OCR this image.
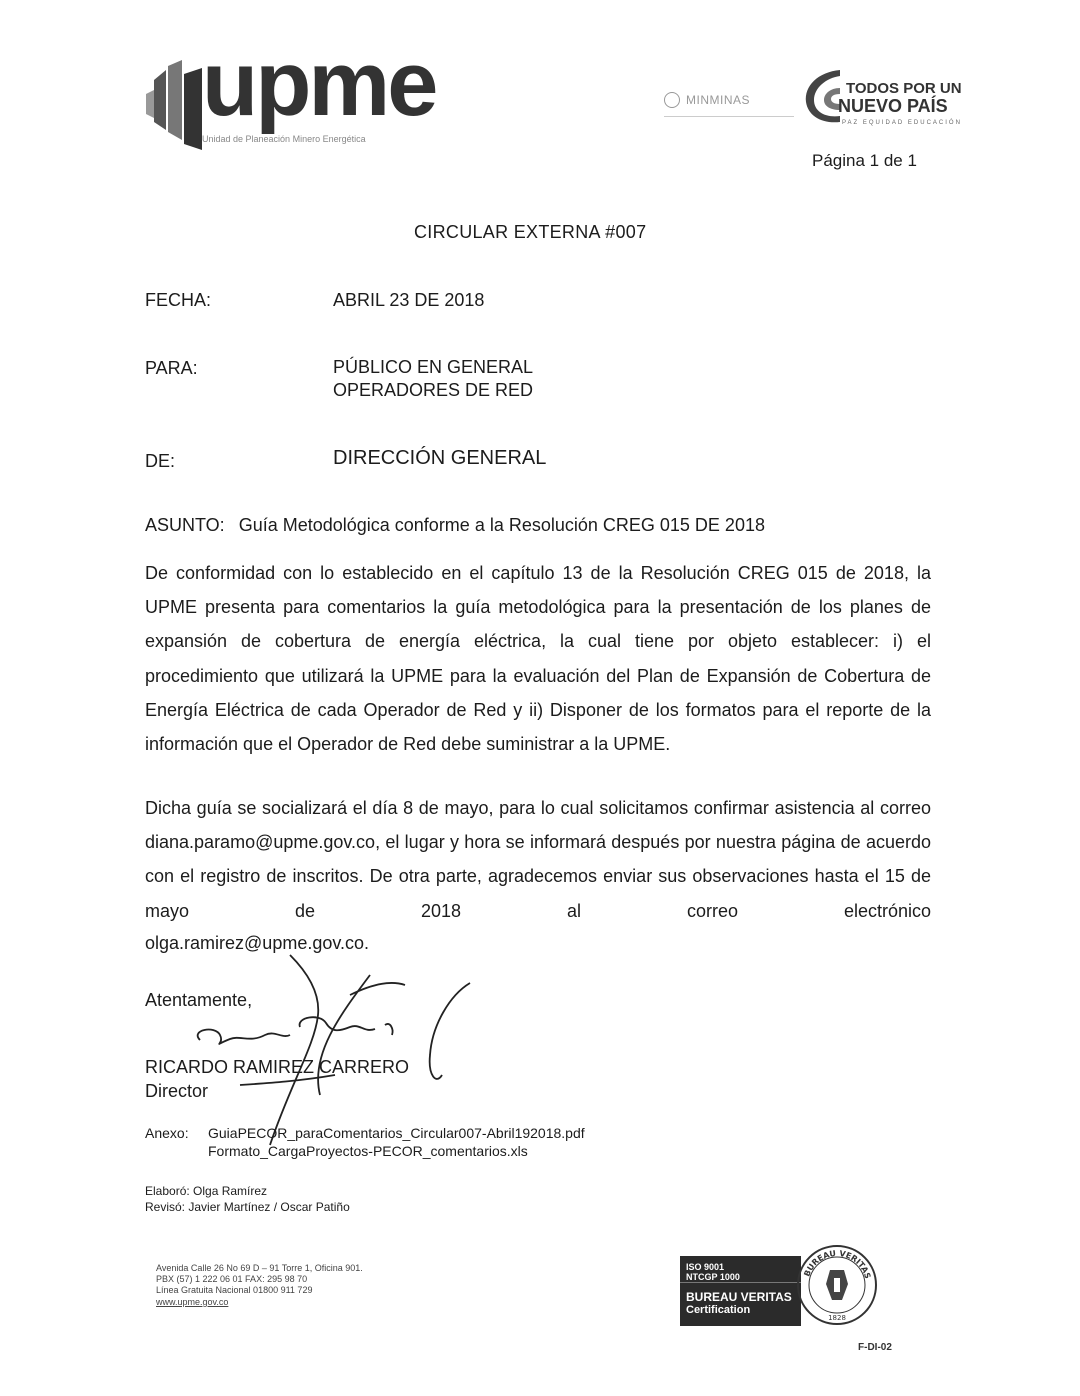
upme
Unidad de Planeación Minero Energética
MINMINAS
TODOS POR UN
NUEVO PAÍS
PAZ EQUIDAD EDUCACIÓN
Página 1 de 1
CIRCULAR EXTERNA #007
FECHA:	ABRIL 23 DE 2018
PARA:	PÚBLICO EN GENERAL
OPERADORES DE RED
DE:	DIRECCIÓN GENERAL
ASUNTO: Guía Metodológica conforme a la Resolución CREG 015 DE 2018
De conformidad con lo establecido en el capítulo 13 de la Resolución CREG 015 de 2018, la UPME presenta para comentarios la guía metodológica para la presentación de los planes de expansión de cobertura de energía eléctrica, la cual tiene por objeto establecer: i) el procedimiento que utilizará la UPME para la evaluación del Plan de Expansión de Cobertura de Energía Eléctrica de cada Operador de Red y ii) Disponer de los formatos para el reporte de la información que el Operador de Red debe suministrar a la UPME.
Dicha guía se socializará el día 8 de mayo, para lo cual solicitamos confirmar asistencia al correo diana.paramo@upme.gov.co, el lugar y hora se informará después por nuestra página de acuerdo con el registro de inscritos. De otra parte, agradecemos enviar sus observaciones hasta el 15 de mayo de 2018 al correo electrónico
olga.ramirez@upme.gov.co.
Atentamente,
RICARDO RAMIREZ CARRERO
Director
Anexo: GuiaPECOR_paraComentarios_Circular007-Abril192018.pdf
Formato_CargaProyectos-PECOR_comentarios.xls
Elaboró: Olga Ramírez
Revisó: Javier Martínez / Oscar Patiño
Avenida Calle 26 No 69 D – 91 Torre 1, Oficina 901.
PBX (57) 1 222 06 01 FAX: 295 98 70
Línea Gratuita Nacional 01800 911 729
www.upme.gov.co
ISO 9001
NTCGP 1000
BUREAU VERITAS
Certification
BUREAU VERITAS
1828
F-DI-02
